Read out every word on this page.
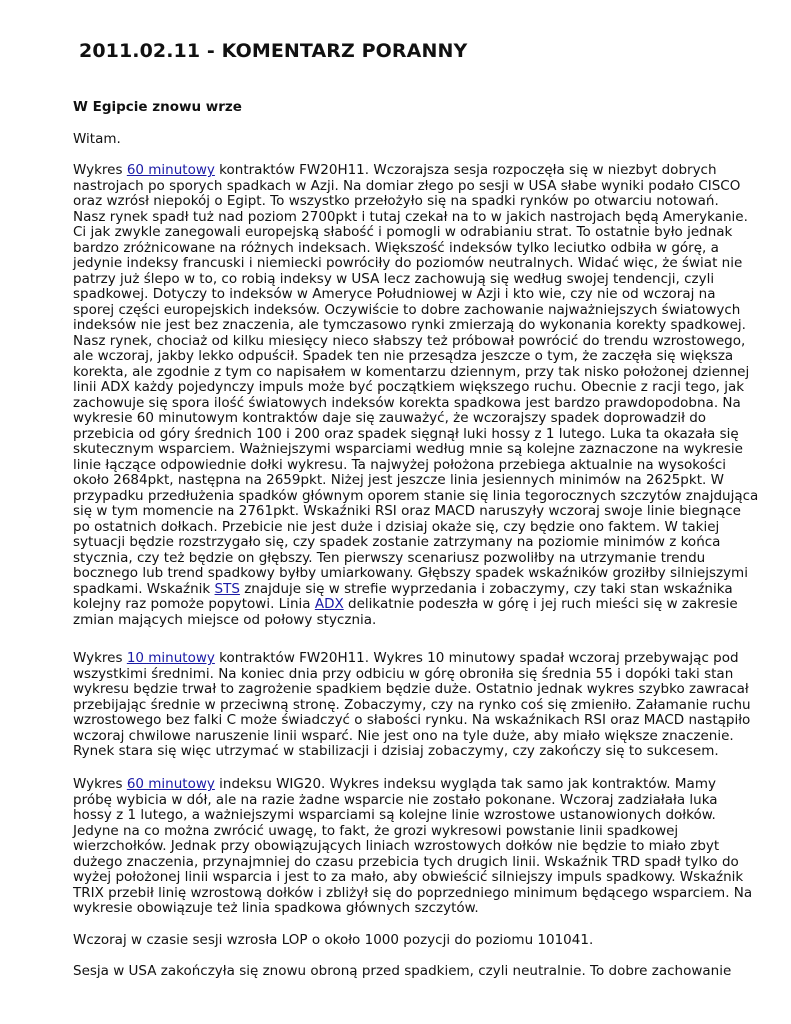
2011.02.11 - KOMENTARZ PORANNY
W Egipcie znowu wrze

Witam.

Wykres 60 minutowy kontraktów FW20H11. Wczorajsza sesja rozpoczęła się w niezbyt dobrych
nastrojach po sporych spadkach w Azji. Na domiar złego po sesji w USA słabe wyniki podało CISCO
oraz wzrósł niepokój o Egipt. To wszystko przełożyło się na spadki rynków po otwarciu notowań.
Nasz rynek spadł tuż nad poziom 2700pkt i tutaj czekał na to w jakich nastrojach będą Amerykanie.
Ci jak zwykle zanegowali europejską słabość i pomogli w odrabianiu strat. To ostatnie było jednak
bardzo zróżnicowane na różnych indeksach. Większość indeksów tylko leciutko odbiła w górę, a
jedynie indeksy francuski i niemiecki powróciły do poziomów neutralnych. Widać więc, że świat nie
patrzy już ślepo w to, co robią indeksy w USA lecz zachowują się według swojej tendencji, czyli
spadkowej. Dotyczy to indeksów w Ameryce Południowej w Azji i kto wie, czy nie od wczoraj na
sporej części europejskich indeksów. Oczywiście to dobre zachowanie najważniejszych światowych
indeksów nie jest bez znaczenia, ale tymczasowo rynki zmierzają do wykonania korekty spadkowej.
Nasz rynek, chociaż od kilku miesięcy nieco słabszy też próbował powrócić do trendu wzrostowego,
ale wczoraj, jakby lekko odpuścił. Spadek ten nie przesądza jeszcze o tym, że zaczęła się większa
korekta, ale zgodnie z tym co napisałem w komentarzu dziennym, przy tak nisko położonej dziennej
linii ADX każdy pojedynczy impuls może być początkiem większego ruchu. Obecnie z racji tego, jak
zachowuje się spora ilość światowych indeksów korekta spadkowa jest bardzo prawdopodobna. Na
wykresie 60 minutowym kontraktów daje się zauważyć, że wczorajszy spadek doprowadził do
przebicia od góry średnich 100 i 200 oraz spadek sięgnął luki hossy z 1 lutego. Luka ta okazała się
skutecznym wsparciem. Ważniejszymi wsparciami według mnie są kolejne zaznaczone na wykresie
linie łączące odpowiednie dołki wykresu. Ta najwyżej położona przebiega aktualnie na wysokości
około 2684pkt, następna na 2659pkt. Niżej jest jeszcze linia jesiennych minimów na 2625pkt. W
przypadku przedłużenia spadków głównym oporem stanie się linia tegorocznych szczytów znajdująca
się w tym momencie na 2761pkt. Wskaźniki RSI oraz MACD naruszyły wczoraj swoje linie biegnące
po ostatnich dołkach. Przebicie nie jest duże i dzisiaj okaże się, czy będzie ono faktem. W takiej
sytuacji będzie rozstrzygało się, czy spadek zostanie zatrzymany na poziomie minimów z końca
stycznia, czy też będzie on głębszy. Ten pierwszy scenariusz pozwoliłby na utrzymanie trendu
bocznego lub trend spadkowy byłby umiarkowany. Głębszy spadek wskaźników groziłby silniejszymi
spadkami. Wskaźnik STS znajduje się w strefie wyprzedania i zobaczymy, czy taki stan wskaźnika
kolejny raz pomoże popytowi. Linia ADX delikatnie podeszła w górę i jej ruch mieści się w zakresie
zmian mających miejsce od połowy stycznia.

Wykres 10 minutowy kontraktów FW20H11. Wykres 10 minutowy spadał wczoraj przebywając pod
wszystkimi średnimi. Na koniec dnia przy odbiciu w górę obroniła się średnia 55 i dopóki taki stan
wykresu będzie trwał to zagrożenie spadkiem będzie duże. Ostatnio jednak wykres szybko zawracał
przebijając średnie w przeciwną stronę. Zobaczymy, czy na rynko coś się zmieniło. Załamanie ruchu
wzrostowego bez falki C może świadczyć o słabości rynku. Na wskaźnikach RSI oraz MACD nastąpiło
wczoraj chwilowe naruszenie linii wsparć. Nie jest ono na tyle duże, aby miało większe znaczenie.
Rynek stara się więc utrzymać w stabilizacji i dzisiaj zobaczymy, czy zakończy się to sukcesem.

Wykres 60 minutowy indeksu WIG20. Wykres indeksu wygląda tak samo jak kontraktów. Mamy
próbę wybicia w dół, ale na razie żadne wsparcie nie zostało pokonane. Wczoraj zadziałała luka
hossy z 1 lutego, a ważniejszymi wsparciami są kolejne linie wzrostowe ustanowionych dołków.
Jedyne na co można zwrócić uwagę, to fakt, że grozi wykresowi powstanie linii spadkowej
wierzchołków. Jednak przy obowiązujących liniach wzrostowych dołków nie będzie to miało zbyt
dużego znaczenia, przynajmniej do czasu przebicia tych drugich linii. Wskaźnik TRD spadł tylko do
wyżej położonej linii wsparcia i jest to za mało, aby obwieścić silniejszy impuls spadkowy. Wskaźnik
TRIX przebił linię wzrostową dołków i zbliżył się do poprzedniego minimum będącego wsparciem. Na
wykresie obowiązuje też linia spadkowa głównych szczytów.

Wczoraj w czasie sesji wzrosła LOP o około 1000 pozycji do poziomu 101041.

Sesja w USA zakończyła się znowu obroną przed spadkiem, czyli neutralnie. To dobre zachowanie
